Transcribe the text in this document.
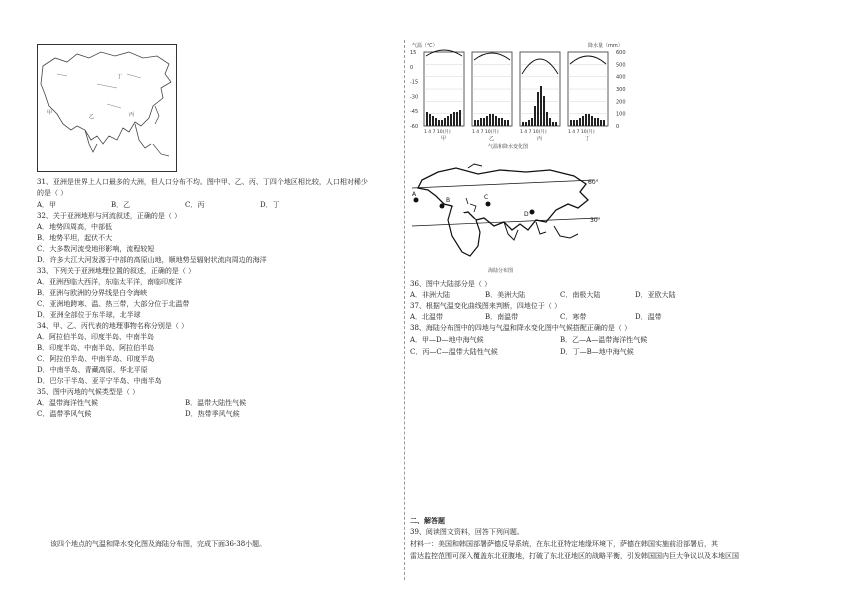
甲
乙	丙
丁
31、亚洲是世界上人口最多的大洲，但人口分布不均。图中甲、乙、丙、丁四个地区相比较，人口相对稀少
的是（ ）
A．甲	B．乙	C．丙	D．丁
32、关于亚洲地形与河流叙述，正确的是（ ）
A．地势四周高，中部低
B．地势平坦，起伏不大
C．大多数河流受地形影响，流程较短
D．许多大江大河发源于中部的高原山地，顺地势呈辐射状流向周边的海洋
33、下列关于亚洲地理位置的叙述，正确的是（ ）
A．亚洲西临大西洋，东临太平洋，南临印度洋
B．亚洲与欧洲的分界线是白令海峡
C．亚洲地跨寒、温、热三带，大部分位于北温带
D．亚洲全部位于东半球，北半球
34、甲、乙、丙代表的地理事物名称分别是（ ）
A．阿拉伯半岛、印度半岛、中南半岛
B．印度半岛、中南半岛、阿拉伯半岛
C．阿拉伯半岛、中南半岛、印度半岛
D．中南半岛、青藏高原、华北平原
D．巴尔干半岛、亚平宁半岛、中南半岛
35、图中丙地的气候类型是（ ）
A．温带海洋性气候	B．温带大陆性气候
C．温带季风气候	D．热带季风气候
该四个地点的气温和降水变化图及海陆分布图，完成下面36-38小题。
气温（℃）	降水量（mm）
15
0
-15
-30
-45
-60
600
500
400
300
200
100
0
1 4 7 10(月)
甲
1 4 7 10(月)
乙
1 4 7 10(月)
丙
1 4 7 10(月)
丁
气温和降水变化图
60°
30°
A
B	C
D
海陆分布图
36、图中大陆部分是（ ）
A．非洲大陆	B．美洲大陆	C．南极大陆	D．亚欧大陆
37、根据气温变化曲线图来判断，四地位于（ ）
A．北温带	B．南温带	C．寒带	D．温带
38、海陆分布图中的四地与气温和降水变化图中气候搭配正确的是（ ）
A．甲—D—地中海气候	B．乙—A—温带海洋性气候
C．丙—C—温带大陆性气候	D．丁—B—地中海气候
二、解答题
39、阅读图文资料，回答下列问题。
材料一：美国和韩国部署萨德反导系统，在东北亚特定地缘环境下，萨德在韩国实施前沿部署后，其
雷达监控范围可深入覆盖东北亚腹地，打破了东北亚地区的战略平衡，引发韩国国内巨大争议以及本地区国
